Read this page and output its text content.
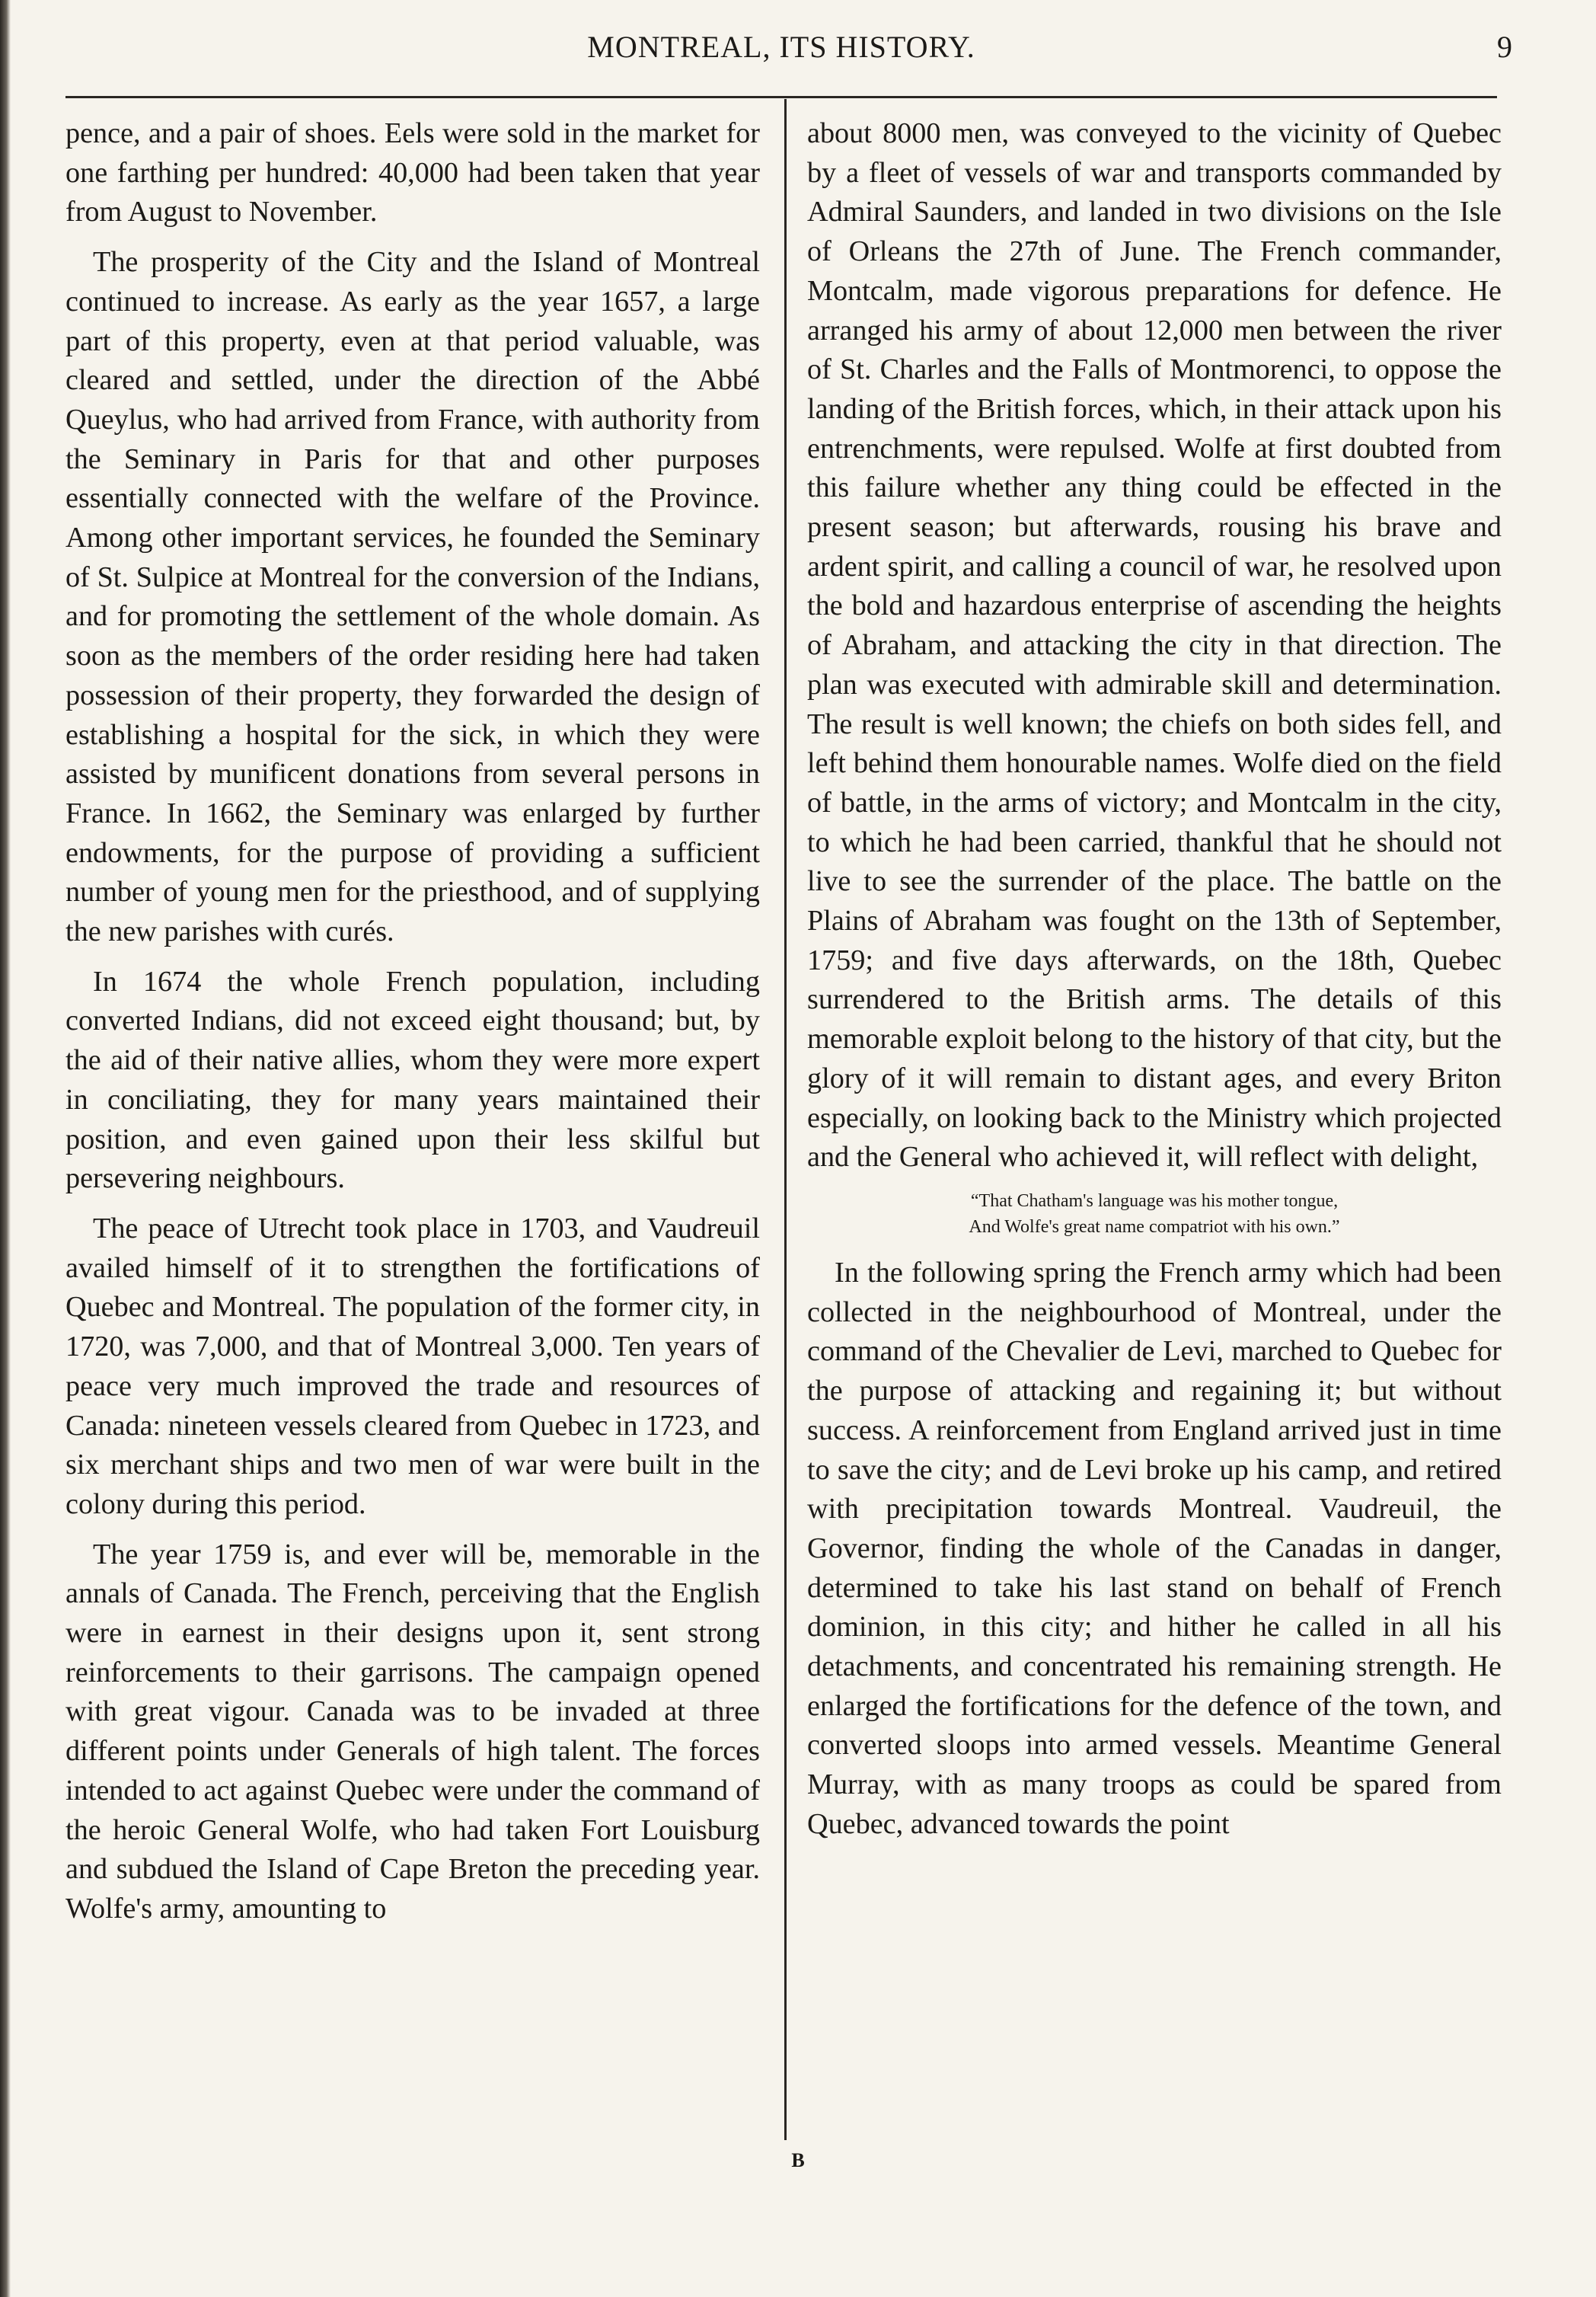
MONTREAL, ITS HISTORY.	9

pence, and a pair of shoes. Eels were sold in the market for one farthing per hundred: 40,000 had been taken that year from August to November.

The prosperity of the City and the Island of Montreal continued to increase. As early as the year 1657, a large part of this property, even at that period valuable, was cleared and settled, under the direction of the Abbé Queylus, who had arrived from France, with authority from the Seminary in Paris for that and other purposes essentially connected with the welfare of the Province. Among other important services, he founded the Seminary of St. Sulpice at Montreal for the conversion of the Indians, and for promoting the settlement of the whole domain. As soon as the members of the order residing here had taken possession of their property, they forwarded the design of establishing a hospital for the sick, in which they were assisted by munificent donations from several persons in France. In 1662, the Seminary was enlarged by further endowments, for the purpose of providing a sufficient number of young men for the priesthood, and of supplying the new parishes with curés.

In 1674 the whole French population, including converted Indians, did not exceed eight thousand; but, by the aid of their native allies, whom they were more expert in conciliating, they for many years maintained their position, and even gained upon their less skilful but persevering neighbours.

The peace of Utrecht took place in 1703, and Vaudreuil availed himself of it to strengthen the fortifications of Quebec and Montreal. The population of the former city, in 1720, was 7,000, and that of Montreal 3,000. Ten years of peace very much improved the trade and resources of Canada: nineteen vessels cleared from Quebec in 1723, and six merchant ships and two men of war were built in the colony during this period.

The year 1759 is, and ever will be, memorable in the annals of Canada. The French, perceiving that the English were in earnest in their designs upon it, sent strong reinforcements to their garrisons. The campaign opened with great vigour. Canada was to be invaded at three different points under Generals of high talent. The forces intended to act against Quebec were under the command of the heroic General Wolfe, who had taken Fort Louisburg and subdued the Island of Cape Breton the preceding year. Wolfe's army, amounting to

about 8000 men, was conveyed to the vicinity of Quebec by a fleet of vessels of war and transports commanded by Admiral Saunders, and landed in two divisions on the Isle of Orleans the 27th of June. The French commander, Montcalm, made vigorous preparations for defence. He arranged his army of about 12,000 men between the river of St. Charles and the Falls of Montmorenci, to oppose the landing of the British forces, which, in their attack upon his entrenchments, were repulsed. Wolfe at first doubted from this failure whether any thing could be effected in the present season; but afterwards, rousing his brave and ardent spirit, and calling a council of war, he resolved upon the bold and hazardous enterprise of ascending the heights of Abraham, and attacking the city in that direction. The plan was executed with admirable skill and determination. The result is well known; the chiefs on both sides fell, and left behind them honourable names. Wolfe died on the field of battle, in the arms of victory; and Montcalm in the city, to which he had been carried, thankful that he should not live to see the surrender of the place. The battle on the Plains of Abraham was fought on the 13th of September, 1759; and five days afterwards, on the 18th, Quebec surrendered to the British arms. The details of this memorable exploit belong to the history of that city, but the glory of it will remain to distant ages, and every Briton especially, on looking back to the Ministry which projected and the General who achieved it, will reflect with delight,

“That Chatham's language was his mother tongue,
And Wolfe's great name compatriot with his own.”

In the following spring the French army which had been collected in the neighbourhood of Montreal, under the command of the Chevalier de Levi, marched to Quebec for the purpose of attacking and regaining it; but without success. A reinforcement from England arrived just in time to save the city; and de Levi broke up his camp, and retired with precipitation towards Montreal. Vaudreuil, the Governor, finding the whole of the Canadas in danger, determined to take his last stand on behalf of French dominion, in this city; and hither he called in all his detachments, and concentrated his remaining strength. He enlarged the fortifications for the defence of the town, and converted sloops into armed vessels. Meantime General Murray, with as many troops as could be spared from Quebec, advanced towards the point

B
